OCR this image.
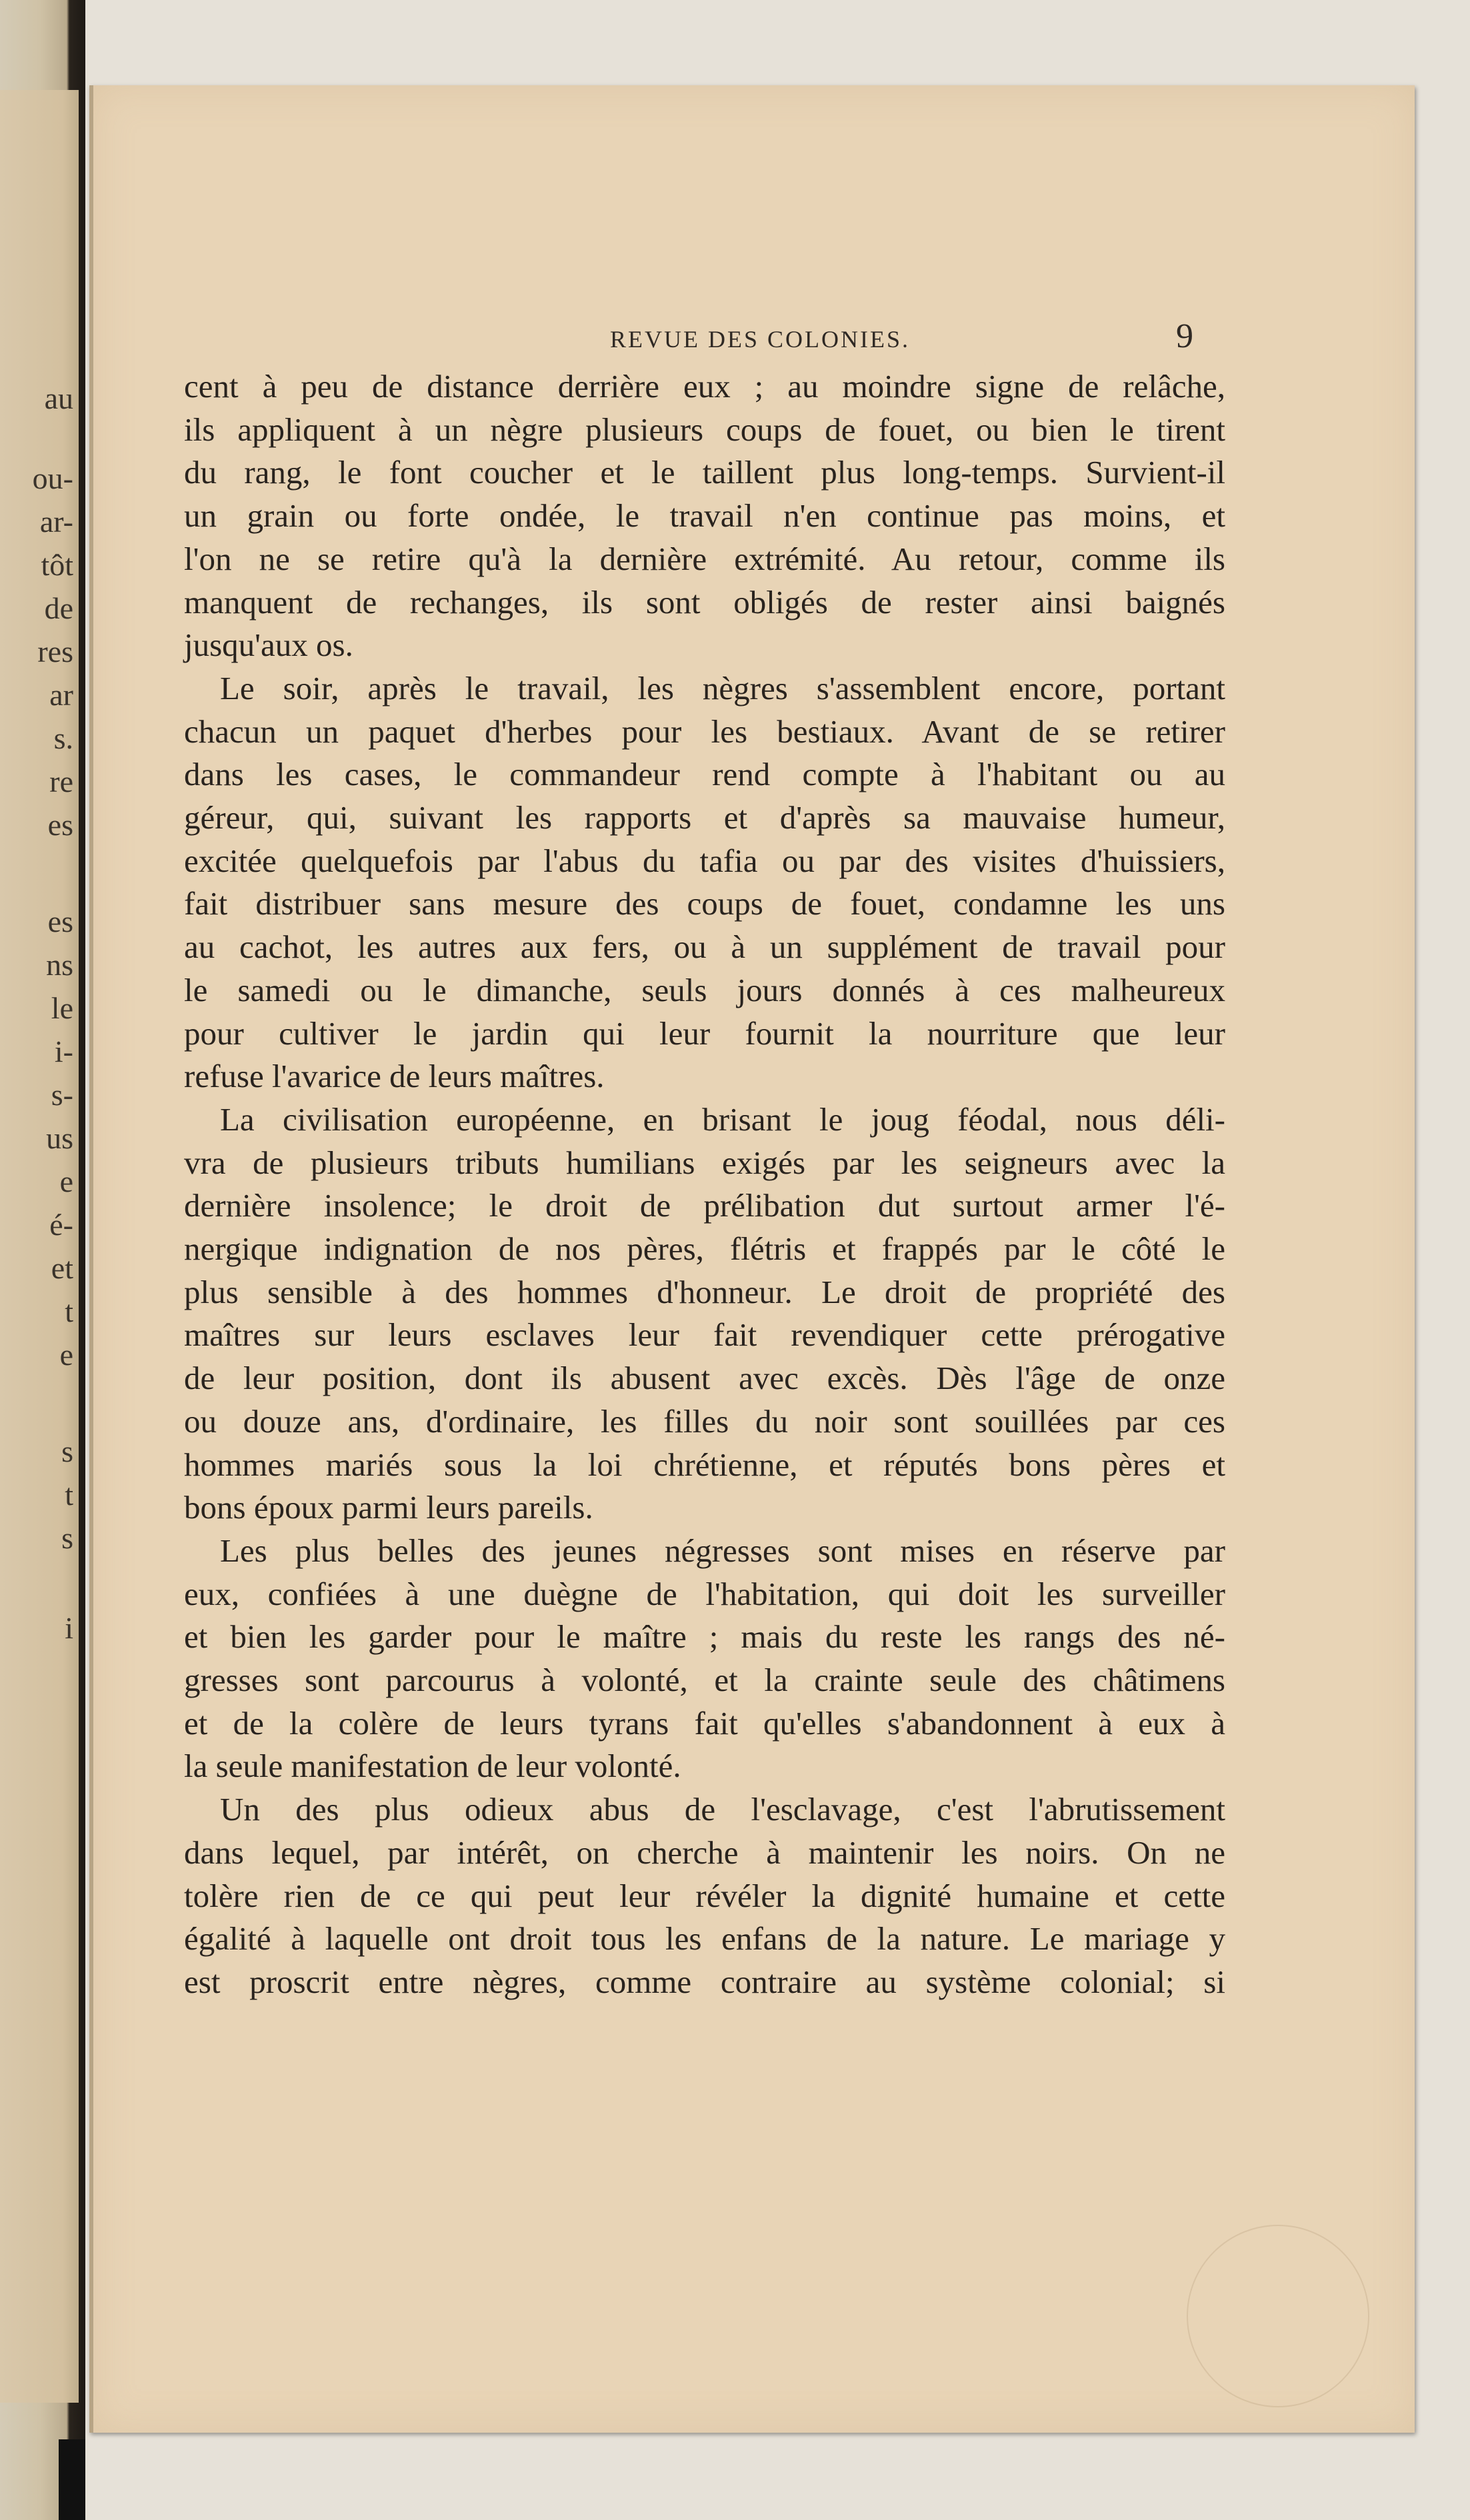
au
ou-
ar-
tôt
de
res
ar
s.
re
es
es
ns
le
i-
s-
us
e
é-
et
t
e
s
t
s
i
REVUE DES COLONIES.	9
cent à peu de distance derrière eux ; au moindre signe de relâche,
ils appliquent à un nègre plusieurs coups de fouet, ou bien le tirent
du rang, le font coucher et le taillent plus long-temps. Survient-il
un grain ou forte ondée, le travail n'en continue pas moins, et
l'on ne se retire qu'à la dernière extrémité. Au retour, comme ils
manquent de rechanges, ils sont obligés de rester ainsi baignés
jusqu'aux os.
Le soir, après le travail, les nègres s'assemblent encore, portant
chacun un paquet d'herbes pour les bestiaux. Avant de se retirer
dans les cases, le commandeur rend compte à l'habitant ou au
géreur, qui, suivant les rapports et d'après sa mauvaise humeur,
excitée quelquefois par l'abus du tafia ou par des visites d'huissiers,
fait distribuer sans mesure des coups de fouet, condamne les uns
au cachot, les autres aux fers, ou à un supplément de travail pour
le samedi ou le dimanche, seuls jours donnés à ces malheureux
pour cultiver le jardin qui leur fournit la nourriture que leur
refuse l'avarice de leurs maîtres.
La civilisation européenne, en brisant le joug féodal, nous déli-
vra de plusieurs tributs humilians exigés par les seigneurs avec la
dernière insolence; le droit de prélibation dut surtout armer l'é-
nergique indignation de nos pères, flétris et frappés par le côté le
plus sensible à des hommes d'honneur. Le droit de propriété des
maîtres sur leurs esclaves leur fait revendiquer cette prérogative
de leur position, dont ils abusent avec excès. Dès l'âge de onze
ou douze ans, d'ordinaire, les filles du noir sont souillées par ces
hommes mariés sous la loi chrétienne, et réputés bons pères et
bons époux parmi leurs pareils.
Les plus belles des jeunes négresses sont mises en réserve par
eux, confiées à une duègne de l'habitation, qui doit les surveiller
et bien les garder pour le maître ; mais du reste les rangs des né-
gresses sont parcourus à volonté, et la crainte seule des châtimens
et de la colère de leurs tyrans fait qu'elles s'abandonnent à eux à
la seule manifestation de leur volonté.
Un des plus odieux abus de l'esclavage, c'est l'abrutissement
dans lequel, par intérêt, on cherche à maintenir les noirs. On ne
tolère rien de ce qui peut leur révéler la dignité humaine et cette
égalité à laquelle ont droit tous les enfans de la nature. Le mariage y
est proscrit entre nègres, comme contraire au système colonial; si
